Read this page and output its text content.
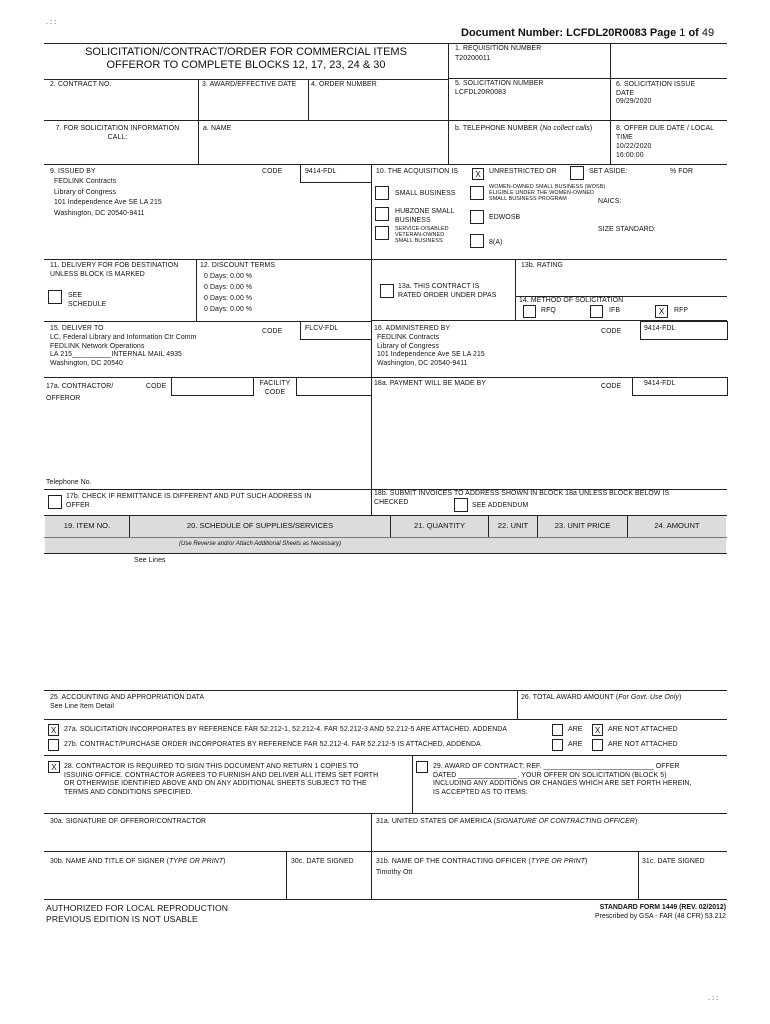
. : :
. : :
Document Number: LCFDL20R0083 Page 1 of 49
SOLICITATION/CONTRACT/ORDER FOR COMMERCIAL ITEMS
OFFEROR TO COMPLETE BLOCKS 12, 17, 23, 24 & 30
1. REQUISITION NUMBER
T20200011
2. CONTRACT NO.	3. AWARD/EFFECTIVE DATE 4. ORDER NUMBER	5. SOLICITATION NUMBER
LCFDL20R0083
6. SOLICITATION ISSUE
DATE
09/29/2020
7. FOR SOLICITATION INFORMATION
CALL:
a. NAME	b. TELEPHONE NUMBER (No collect calls)	8. OFFER DUE DATE / LOCAL
TIME
10/22/2020
16:00:00
9. ISSUED BY	CODE	9414-FDL
FEDLINK Contracts
Library of Congress
101 Independence Ave SE LA 215
Washington, DC 20540-9411
10. THE ACQUISITION IS	X	UNRESTRICTED OR	SET ASIDE:	% FOR
SMALL BUSINESS
WOMEN-OWNED SMALL BUSINESS (WOSB)
ELIGIBLE UNDER THE WOMEN-OWNED
SMALL BUSINESS PROGRAM	NAICS:
HUBZONE SMALL
BUSINESS	EDWOSB
SIZE STANDARD:
SERVICE-DISABLED
VETERAN-OWNED
SMALL BUSINESS	8(A)
11. DELIVERY FOR FOB DESTINATION
UNLESS BLOCK IS MARKED
SEE
SCHEDULE
12. DISCOUNT TERMS
0 Days: 0.00 %
0 Days: 0.00 %
0 Days: 0.00 %
0 Days: 0.00 %
13a. THIS CONTRACT IS
RATED ORDER UNDER DPAS
13b. RATING
14. METHOD OF SOLICITATION
RFQ	IFB	X	RFP
15. DELIVER TO	CODE	FLCV-FDL
LC, Federal Library and Information Ctr Comm
FEDLINK Network Operations
LA 215__________INTERNAL MAIL 4935
Washington, DC 20540
16. ADMINISTERED BY	CODE	9414-FDL
FEDLINK Contracts
Library of Congress
101 Independence Ave SE LA 215
Washington, DC 20540-9411
17a. CONTRACTOR/
OFFEROR
CODE	FACILITY
CODE
Telephone No.
18a. PAYMENT WILL BE MADE BY	CODE	9414-FDL
17b. CHECK IF REMITTANCE IS DIFFERENT AND PUT SUCH ADDRESS IN
OFFER
18b. SUBMIT INVOICES TO ADDRESS SHOWN IN BLOCK 18a UNLESS BLOCK BELOW IS
CHECKED	SEE ADDENDUM
19. ITEM NO.	20. SCHEDULE OF SUPPLIES/SERVICES	21. QUANTITY	22. UNIT	23. UNIT PRICE	24. AMOUNT
(Use Reverse and/or Attach Additional Sheets as Necessary)
See Lines
25. ACCOUNTING AND APPROPRIATION DATA
See Line Item Detail
26. TOTAL AWARD AMOUNT (For Govt. Use Only)
X	27a. SOLICITATION INCORPORATES BY REFERENCE FAR 52.212-1, 52.212-4. FAR 52.212-3 AND 52.212-5 ARE ATTACHED. ADDENDA	ARE	X	ARE NOT ATTACHED
27b. CONTRACT/PURCHASE ORDER INCORPORATES BY REFERENCE FAR 52.212-4. FAR 52.212-5 IS ATTACHED. ADDENDA	ARE	ARE NOT ATTACHED
X	28. CONTRACTOR IS REQUIRED TO SIGN THIS DOCUMENT AND RETURN 1 COPIES TO
ISSUING OFFICE. CONTRACTOR AGREES TO FURNISH AND DELIVER ALL ITEMS SET FORTH
OR OTHERWISE IDENTIFIED ABOVE AND ON ANY ADDITIONAL SHEETS SUBJECT TO THE
TERMS AND CONDITIONS SPECIFIED.
29. AWARD OF CONTRACT: REF. ____________________________ OFFER
DATED _______________. YOUR OFFER ON SOLICITATION (BLOCK 5)
INCLUDING ANY ADDITIONS OR CHANGES WHICH ARE SET FORTH HEREIN,
IS ACCEPTED AS TO ITEMS:
30a. SIGNATURE OF OFFEROR/CONTRACTOR	31a. UNITED STATES OF AMERICA (SIGNATURE OF CONTRACTING OFFICER)
30b. NAME AND TITLE OF SIGNER (TYPE OR PRINT)	30c. DATE SIGNED	31b. NAME OF THE CONTRACTING OFFICER (TYPE OR PRINT)
Timothy Ott
31c. DATE SIGNED
AUTHORIZED FOR LOCAL REPRODUCTION
PREVIOUS EDITION IS NOT USABLE
STANDARD FORM 1449 (REV. 02/2012)
Prescribed by GSA - FAR (48 CFR) 53.212
